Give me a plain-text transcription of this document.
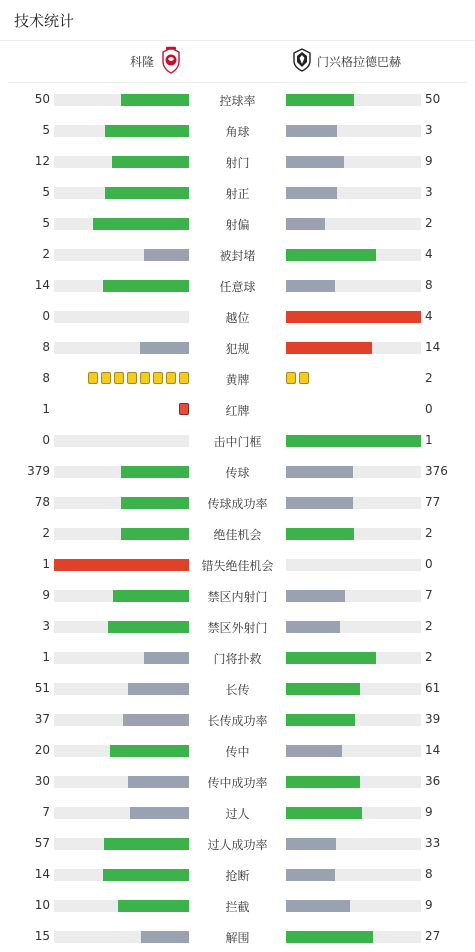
技术统计
科隆	门兴格拉德巴赫
50	控球率	50
5	角球	3
12	射门	9
5	射正	3
5	射偏	2
2	被封堵	4
14	任意球	8
0	越位	4
8	犯规	14
8	黄牌	2
1	红牌	0
0	击中门框	1
379	传球	376
78	传球成功率	77
2	绝佳机会	2
1	错失绝佳机会	0
9	禁区内射门	7
3	禁区外射门	2
1	门将扑救	2
51	长传	61
37	长传成功率	39
20	传中	14
30	传中成功率	36
7	过人	9
57	过人成功率	33
14	抢断	8
10	拦截	9
15	解围	27
